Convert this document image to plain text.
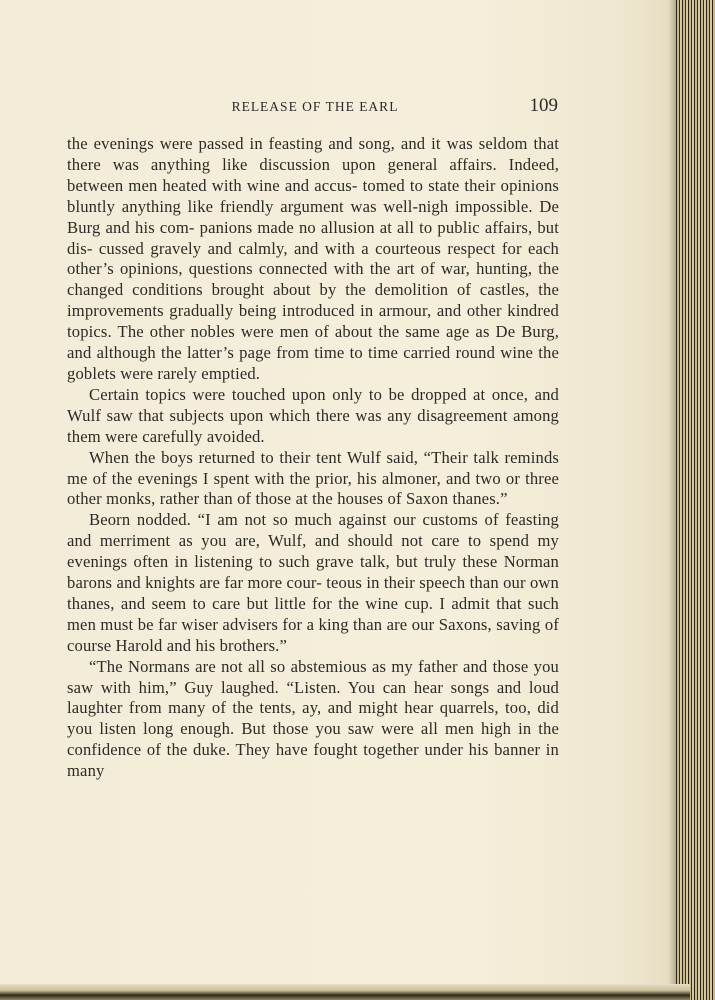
RELEASE OF THE EARL	109

the evenings were passed in feasting and song, and it was seldom that there was anything like discussion upon general affairs. Indeed, between men heated with wine and accus- tomed to state their opinions bluntly anything like friendly argument was well-nigh impossible. De Burg and his com- panions made no allusion at all to public affairs, but dis- cussed gravely and calmly, and with a courteous respect for each other’s opinions, questions connected with the art of war, hunting, the changed conditions brought about by the demolition of castles, the improvements gradually being introduced in armour, and other kindred topics. The other nobles were men of about the same age as De Burg, and although the latter’s page from time to time carried round wine the goblets were rarely emptied.

Certain topics were touched upon only to be dropped at once, and Wulf saw that subjects upon which there was any disagreement among them were carefully avoided.

When the boys returned to their tent Wulf said, “Their talk reminds me of the evenings I spent with the prior, his almoner, and two or three other monks, rather than of those at the houses of Saxon thanes.”

Beorn nodded. “I am not so much against our customs of feasting and merriment as you are, Wulf, and should not care to spend my evenings often in listening to such grave talk, but truly these Norman barons and knights are far more cour- teous in their speech than our own thanes, and seem to care but little for the wine cup. I admit that such men must be far wiser advisers for a king than are our Saxons, saving of course Harold and his brothers.”

“The Normans are not all so abstemious as my father and those you saw with him,” Guy laughed. “Listen. You can hear songs and loud laughter from many of the tents, ay, and might hear quarrels, too, did you listen long enough. But those you saw were all men high in the confidence of the duke. They have fought together under his banner in many
